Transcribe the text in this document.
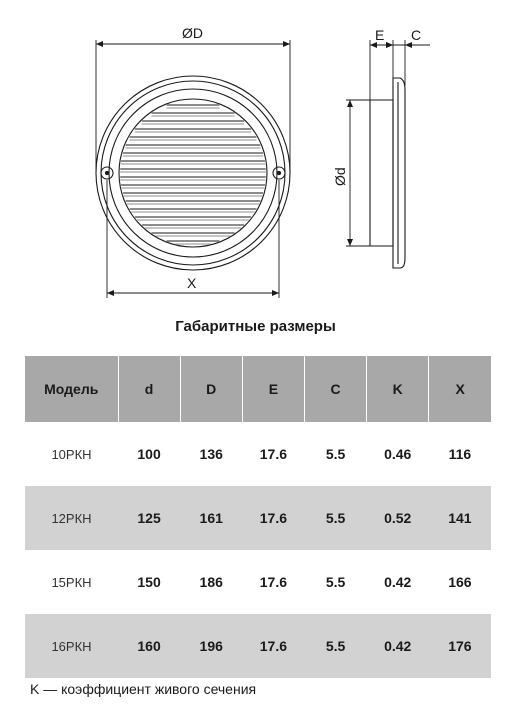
ØD
X
E C
Ød
Габаритные размеры
Модель	d	D	E	C	K	X
10РКН	100	136	17.6	5.5	0.46	116
12РКН	125	161	17.6	5.5	0.52	141
15РКН	150	186	17.6	5.5	0.42	166
16РКН	160	196	17.6	5.5	0.42	176
K — коэффициент живого сечения
